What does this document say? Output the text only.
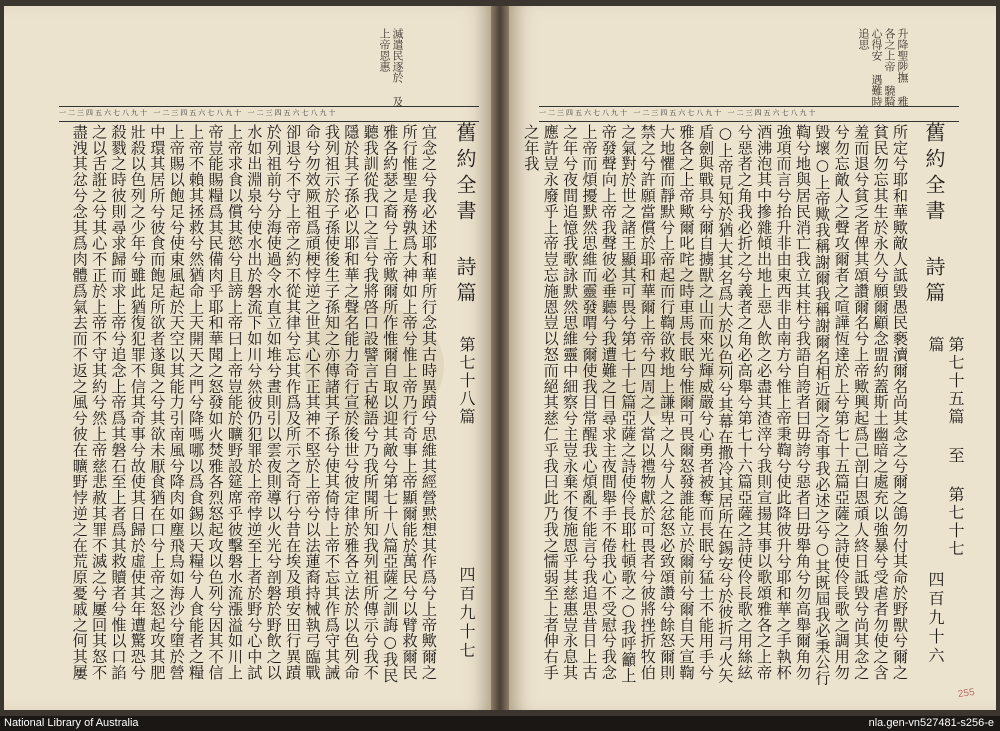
滅遣民逐於 及上帝恩惠
一二三四五六七八九十 一二三四五六七八九十 一二三四五六七八九十
舊約全書 詩篇
第七十八篇
四百九十七
宜念之兮我必述耶和華所行念其古時異蹟兮思維其經營黙想其作爲兮上帝歟爾之所行惟聖是務孰爲大神如上帝兮惟上帝乃行奇事上帝顯爾能於萬民兮以臂救爾民雅各約瑟之裔兮上帝歟爾所作惟爾自取以迎其敵兮第七十八篇亞薩之訓誨○我民聽我訓從我口之言兮我將啓口設譬言古秘語兮乃我所聞所知我列祖所傳示兮我不隱於其子孫必以耶和華之聲名能力奇行宣於後世兮彼定律於雅各立法於以色列命我列祖示於子孫使後生子孫知之亦傳諸其子孫兮使其倚恃上帝不忘其作爲守其誡命兮勿效厥祖爲頑梗悖逆之世其心不正其神不堅於上帝兮以法蓮裔持械執弓臨戰卻退兮不守上帝之約不從其律兮忘其作爲及所示之奇行兮昔在埃及瑣安田行異蹟於列祖前兮分海使過令水直立如堆兮晝則引以雲夜則導以火光兮剖磐於野飲之以水如出淵泉兮使水出於磐流下如川兮然彼仍犯罪於上帝悖逆至上者於野兮心中試上帝求食以償其慾兮且謗上帝曰上帝豈能於曠野設筵席乎彼擊磐水流漲溢如川上帝豈能賜糧爲其民備肉乎耶和華聞之怒發如火焚雅各烈怒起攻以色列兮因其不信上帝不賴其拯救兮然猶命上天開天之門兮降嗎哪以爲食錫以天糧兮人食能者之糧上帝賜以飽足兮使東風起於天空以其能力引南風兮降肉如塵飛鳥如海沙兮墮於營中環其居所兮彼食而飽足所欲者遂與之兮其欲未厭食猶在口兮上帝之怒起攻其肥壯殺以色列之少年兮雖此猶復犯罪不信其奇事兮故使其日歸於虛使其年遭驚恐兮殺戮之時彼則尋求歸而求上帝兮追念上帝爲其磐石至上者爲其救贖者兮惟以口諂之以舌誑之兮其心不正於上帝不守其約兮然上帝慈悲赦其罪不滅之兮屢回其怒不盡洩其忿兮念其爲肉體爲氣去而不返之風兮彼在曠野悖逆之在荒原憂戚之何其屢
升降聖陟撫 雅各之上帝 驍騎心得安 遇難時追思
一二三四五六七八九十 一二三四五六七八九十 一二三四五六七八九十
舊約全書 詩篇
第七十五篇 至 第七十七篇
四百九十六
所定兮耶和華歟敵人詆毀愚民褻瀆爾名尚其念之兮爾之鴿勿付其命於野獸兮爾之貧民勿忘其生於永久兮願爾顧念盟約蓋斯土幽暗之處充以強暴兮受虐者勿使之含羞而退兮貧乏者俾其頌讚爾名兮上帝歟興起爲己剖白恩頑人終日詆毀兮尚其念之兮勿忘敵人之聲攻爾者之喧譁恆達於上兮第七十五篇亞薩之詩使伶長歌之調用勿毀壞○上帝歟我稱謝爾我稱謝爾名相近爾之奇事我必述之兮○其既屆我必秉公行鞫兮地與居民消亡我立其柱兮我語自誇者曰毋誇兮惡者曰毋舉角兮勿高舉爾角勿強項而言兮抬升非由東西非由南方兮惟上帝秉鞫兮使此降彼升兮耶和華之手執杯酒沸泡其中摻雜傾出地上惡人飲之必盡其渣滓兮我則宣揚其事以歌頌雅各之上帝兮惡者之角我必折之兮義者之角必高舉兮第七十六篇亞薩之詩使伶長歌之用絲絃○上帝見知於猶大其名爲大於以色列兮其幕在撒冷其居所在錫安兮於彼折弓火矢盾劍與戰具兮爾自擄獸之山而來光輝威嚴兮心勇者被奪而長眠兮猛士不能用手兮雅各之上帝歟爾叱咤之時車馬長眠兮惟爾可畏爾怒發誰能立於爾前兮爾自天宣鞫大地懼而靜默兮上帝起而行鞫欲救地上謙卑之人兮人之忿怒必致頌讚兮餘怒爾則禁之兮許願當償於耶和華爾上帝兮四周之人當以禮物獻於可畏者兮彼將挫折牧伯之氣對於世之諸王顯其可畏兮第七十七篇亞薩之詩使伶長耶杜頓歌之○我呼籲上帝發聲向上帝我聲彼必垂聽兮我遭難之日尋求主夜間舉手不倦我心不受慰兮我念上帝而煩擾默然思維而靈發喟兮爾使我目常醒我心煩亂不能言兮我追思昔日上古之年兮夜間追憶我歌詠默然思維靈中細察兮主豈永棄不復施恩乎其慈惠豈永息其應許豈永廢乎上帝豈忘施恩豈以怒而絕其慈仁乎我曰此乃我之懦弱至上者伸右手之年我
255
National Library of Australia	nla.gen-vn527481-s256-e
